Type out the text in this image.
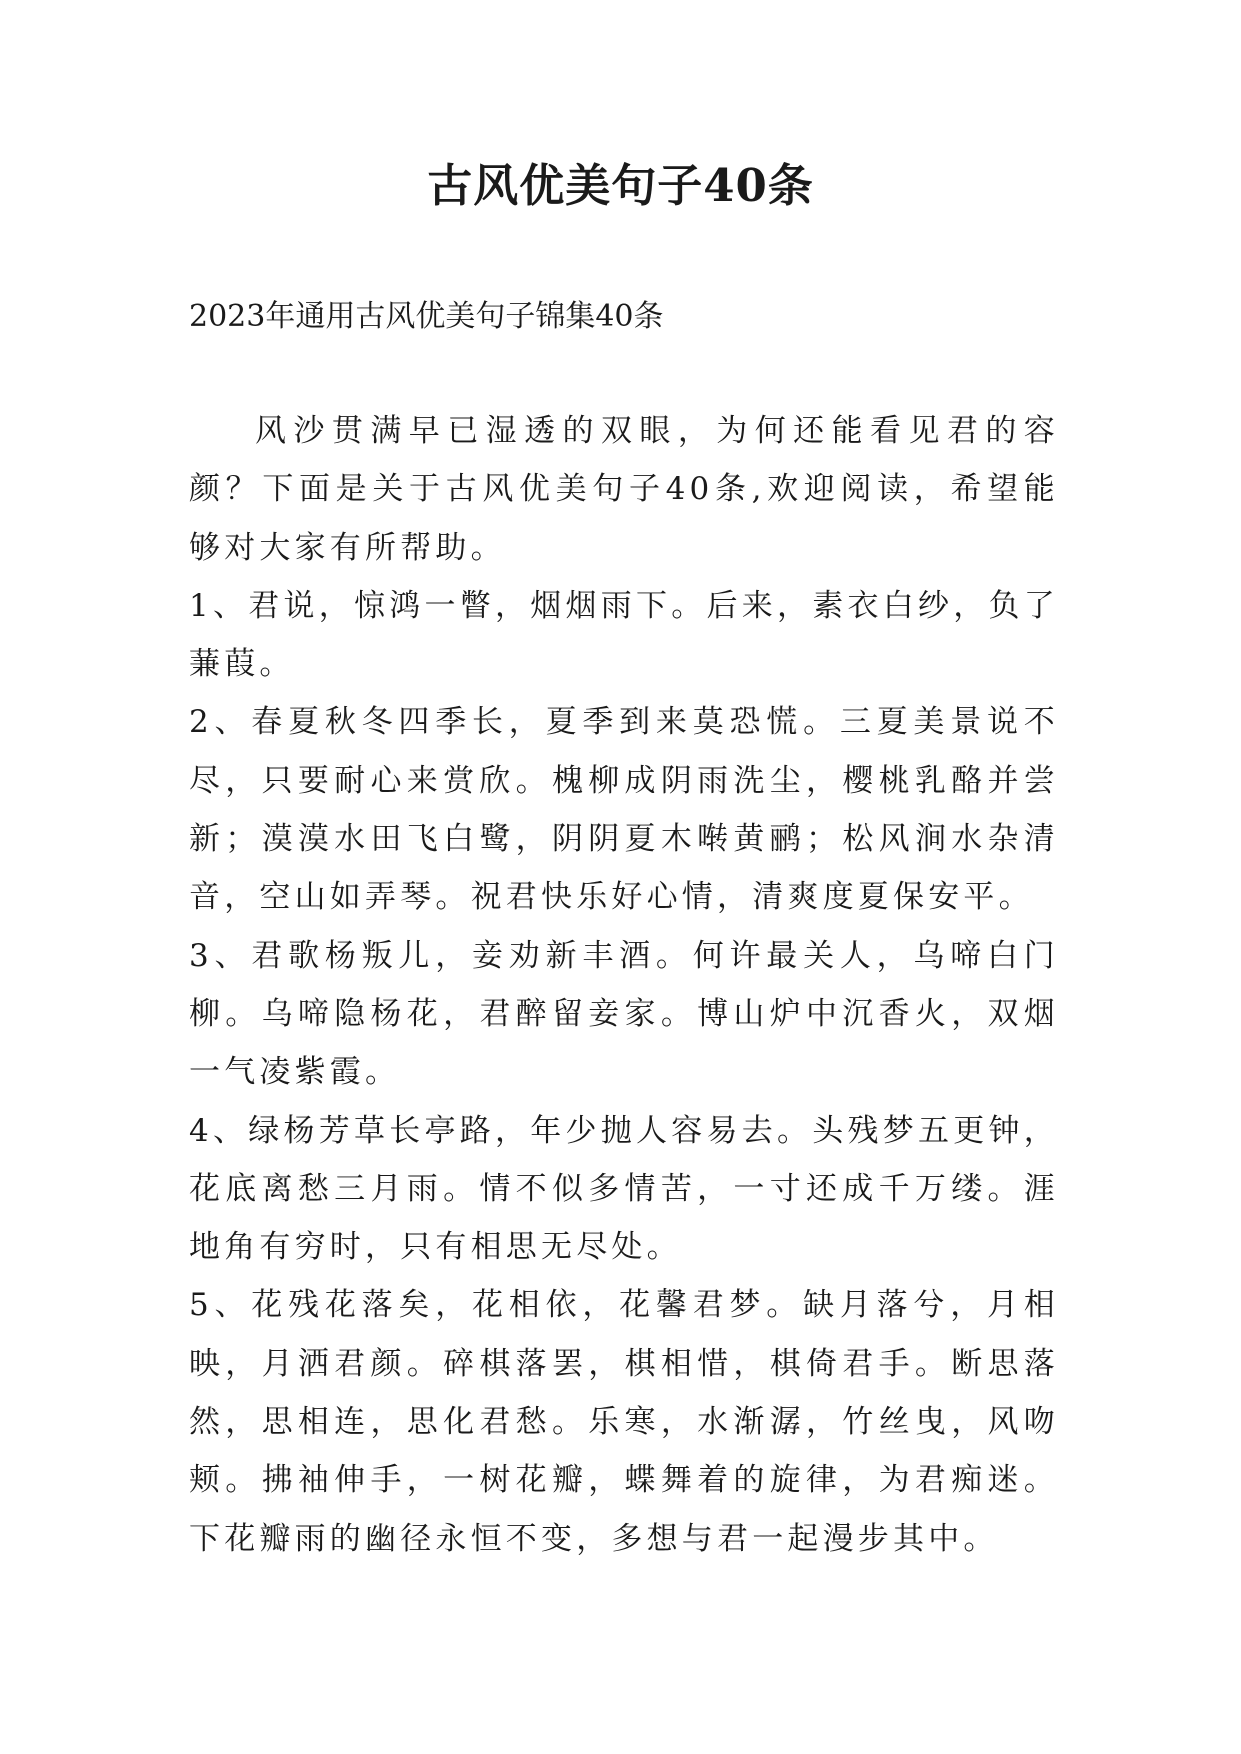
古风优美句子40条

2023年通用古风优美句子锦集40条

风沙贯满早已湿透的双眼，为何还能看见君的容颜？下面是关于古风优美句子40条,欢迎阅读，希望能够对大家有所帮助。

1、君说，惊鸿一瞥，烟烟雨下。后来，素衣白纱，负了蒹葭。

2、春夏秋冬四季长，夏季到来莫恐慌。三夏美景说不尽，只要耐心来赏欣。槐柳成阴雨洗尘，樱桃乳酪并尝新；漠漠水田飞白鹭，阴阴夏木啭黄鹂；松风涧水杂清音，空山如弄琴。祝君快乐好心情，清爽度夏保安平。

3、君歌杨叛儿，妾劝新丰酒。何许最关人，乌啼白门柳。乌啼隐杨花，君醉留妾家。博山炉中沉香火，双烟一气凌紫霞。

4、绿杨芳草长亭路，年少抛人容易去。头残梦五更钟，花底离愁三月雨。情不似多情苦，一寸还成千万缕。涯地角有穷时，只有相思无尽处。

5、花残花落矣，花相依，花馨君梦。缺月落兮，月相映，月洒君颜。碎棋落罢，棋相惜，棋倚君手。断思落然，思相连，思化君愁。乐寒，水渐潺，竹丝曳，风吻颊。拂袖伸手，一树花瓣，蝶舞着的旋律，为君痴迷。下花瓣雨的幽径永恒不变，多想与君一起漫步其中。
